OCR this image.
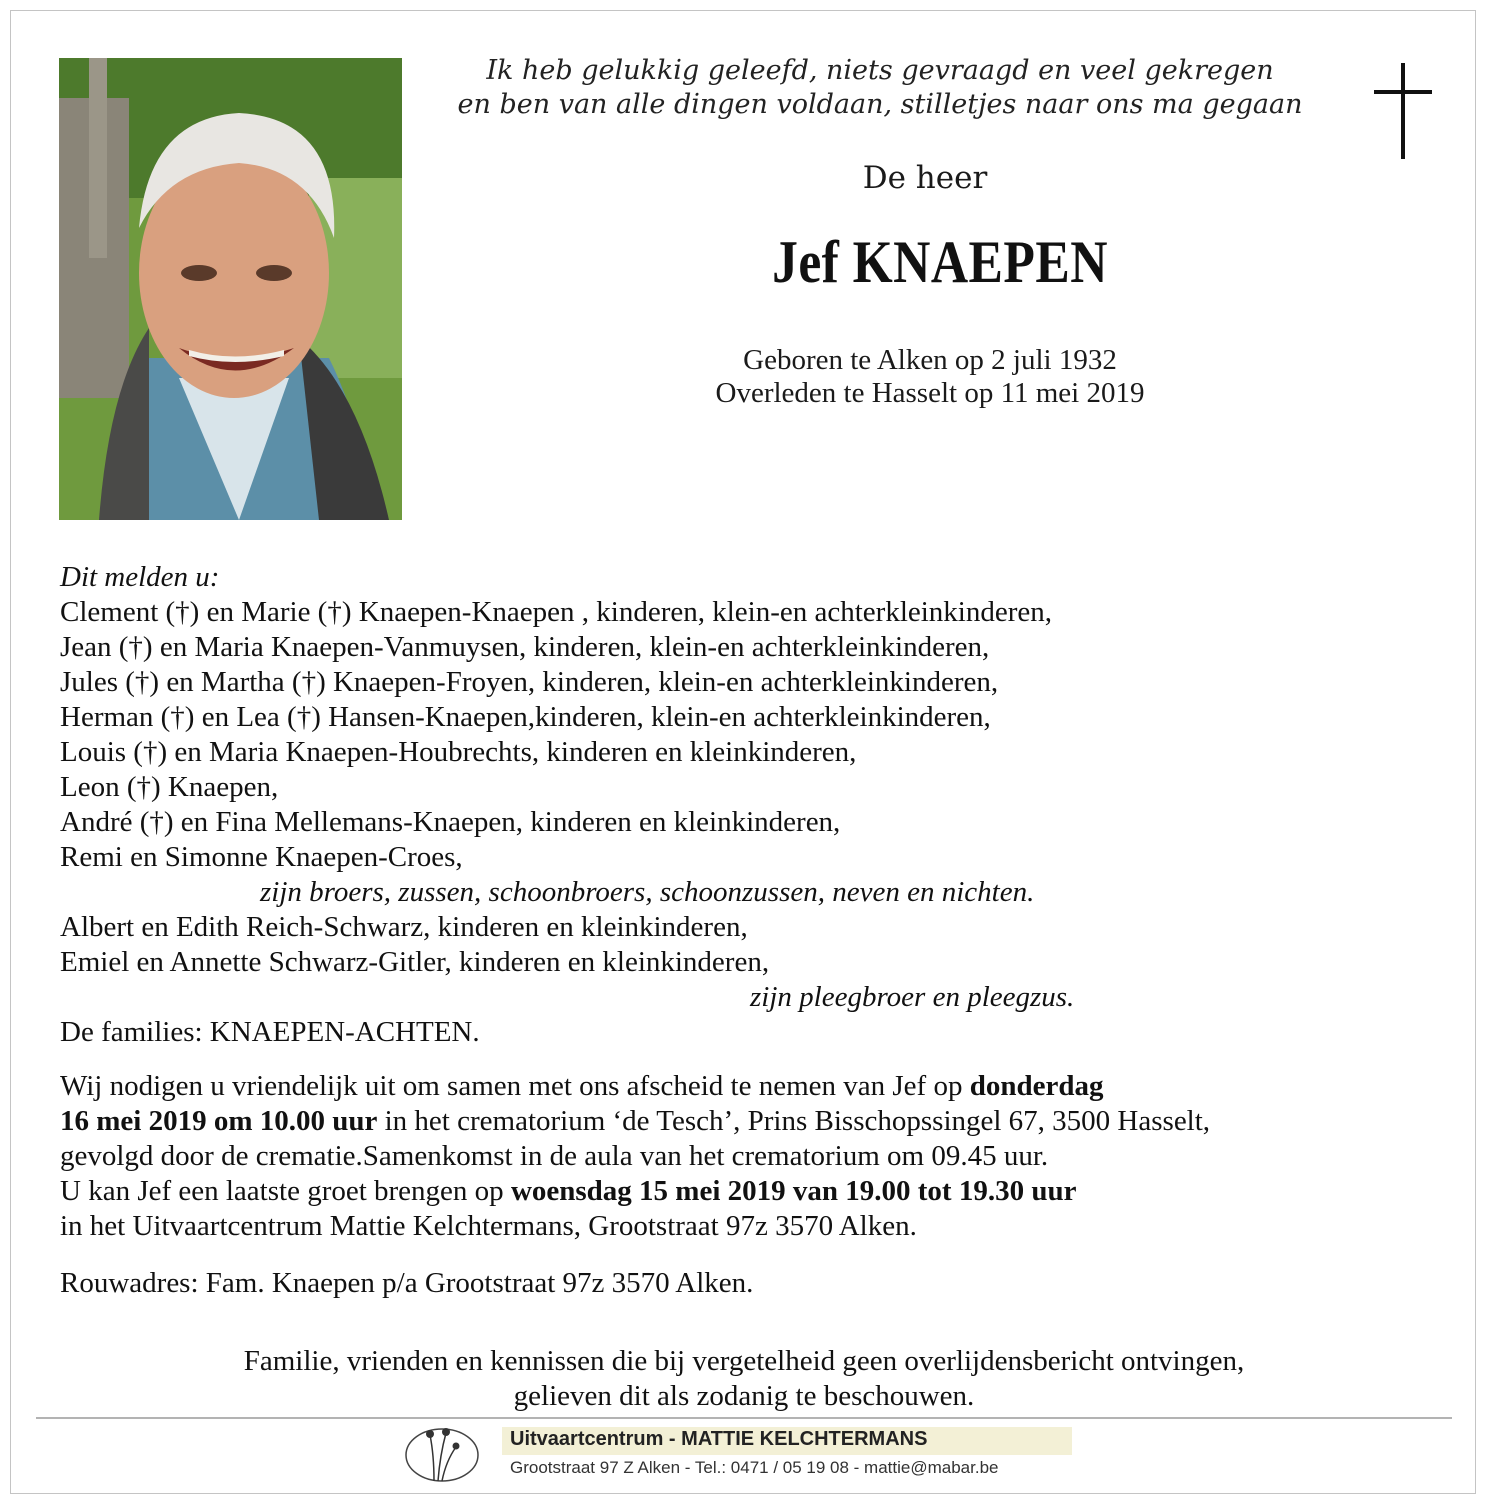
Ik heb gelukkig geleefd, niets gevraagd en veel gekregen
en ben van alle dingen voldaan, stilletjes naar ons ma gegaan
De heer
Jef KNAEPEN
Geboren te Alken op 2 juli 1932
Overleden te Hasselt op 11 mei 2019

Dit melden u:

Clement (†) en Marie (†) Knaepen-Knaepen , kinderen, klein-en achterkleinkinderen,

Jean (†) en Maria Knaepen-Vanmuysen, kinderen, klein-en achterkleinkinderen,

Jules (†) en Martha (†) Knaepen-Froyen, kinderen, klein-en achterkleinkinderen,

Herman (†) en Lea (†) Hansen-Knaepen,kinderen, klein-en achterkleinkinderen,

Louis (†) en Maria Knaepen-Houbrechts, kinderen en kleinkinderen,

Leon (†) Knaepen,

André (†) en Fina Mellemans-Knaepen, kinderen en kleinkinderen,

Remi en Simonne Knaepen-Croes,

zijn broers, zussen, schoonbroers, schoonzussen, neven en nichten.

Albert en Edith Reich-Schwarz, kinderen en kleinkinderen,

Emiel en Annette Schwarz-Gitler, kinderen en kleinkinderen,

zijn pleegbroer en pleegzus.

De families: KNAEPEN-ACHTEN.

Wij nodigen u vriendelijk uit om samen met ons afscheid te nemen van Jef op donderdag

16 mei 2019 om 10.00 uur in het crematorium ‘de Tesch’, Prins Bisschopssingel 67, 3500 Hasselt,

gevolgd door de crematie.Samenkomst in de aula van het crematorium om 09.45 uur.

U kan Jef een laatste groet brengen op woensdag 15 mei 2019 van 19.00 tot 19.30 uur

in het Uitvaartcentrum Mattie Kelchtermans, Grootstraat 97z 3570 Alken.

Rouwadres: Fam. Knaepen p/a Grootstraat 97z 3570 Alken.

Familie, vrienden en kennissen die bij vergetelheid geen overlijdensbericht ontvingen,
gelieven dit als zodanig te beschouwen.
Uitvaartcentrum - MATTIE KELCHTERMANS
Grootstraat 97 Z Alken - Tel.: 0471 / 05 19 08 - mattie@mabar.be
